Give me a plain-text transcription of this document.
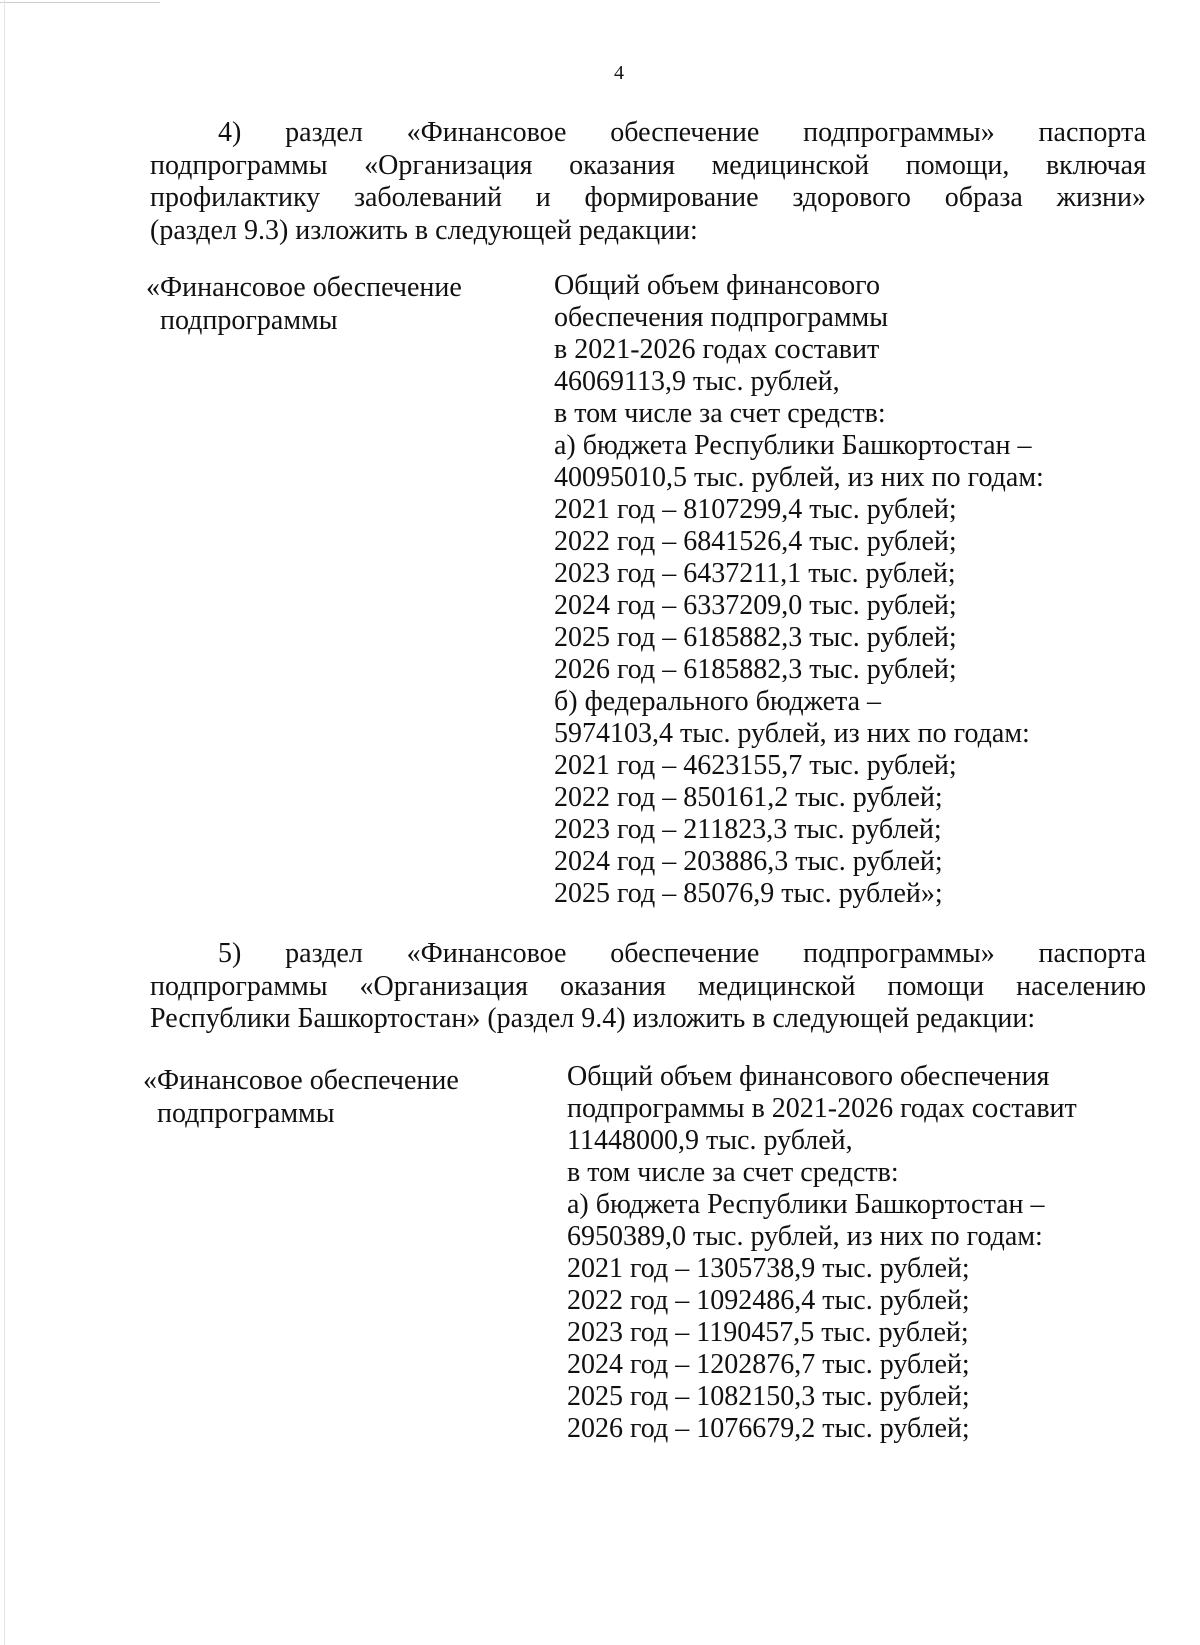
4
4) раздел «Финансовое обеспечение подпрограммы» паспорта
подпрограммы «Организация оказания медицинской помощи, включая
профилактику заболеваний и формирование здорового образа жизни»
(раздел 9.3) изложить в следующей редакции:
«Финансовое обеспечение
подпрограммы
Общий объем финансового
обеспечения подпрограммы
в 2021-2026 годах составит
46069113,9 тыс. рублей,
в том числе за счет средств:
а) бюджета Республики Башкортостан –
40095010,5 тыс. рублей, из них по годам:
2021 год – 8107299,4 тыс. рублей;
2022 год – 6841526,4 тыс. рублей;
2023 год – 6437211,1 тыс. рублей;
2024 год – 6337209,0 тыс. рублей;
2025 год – 6185882,3 тыс. рублей;
2026 год – 6185882,3 тыс. рублей;
б) федерального бюджета –
5974103,4 тыс. рублей, из них по годам:
2021 год – 4623155,7 тыс. рублей;
2022 год – 850161,2 тыс. рублей;
2023 год – 211823,3 тыс. рублей;
2024 год – 203886,3 тыс. рублей;
2025 год – 85076,9 тыс. рублей»;
5) раздел «Финансовое обеспечение подпрограммы» паспорта
подпрограммы «Организация оказания медицинской помощи населению
Республики Башкортостан» (раздел 9.4) изложить в следующей редакции:
«Финансовое обеспечение
подпрограммы
Общий объем финансового обеспечения
подпрограммы в 2021-2026 годах составит
11448000,9 тыс. рублей,
в том числе за счет средств:
а) бюджета Республики Башкортостан –
6950389,0 тыс. рублей, из них по годам:
2021 год – 1305738,9 тыс. рублей;
2022 год – 1092486,4 тыс. рублей;
2023 год – 1190457,5 тыс. рублей;
2024 год – 1202876,7 тыс. рублей;
2025 год – 1082150,3 тыс. рублей;
2026 год – 1076679,2 тыс. рублей;
